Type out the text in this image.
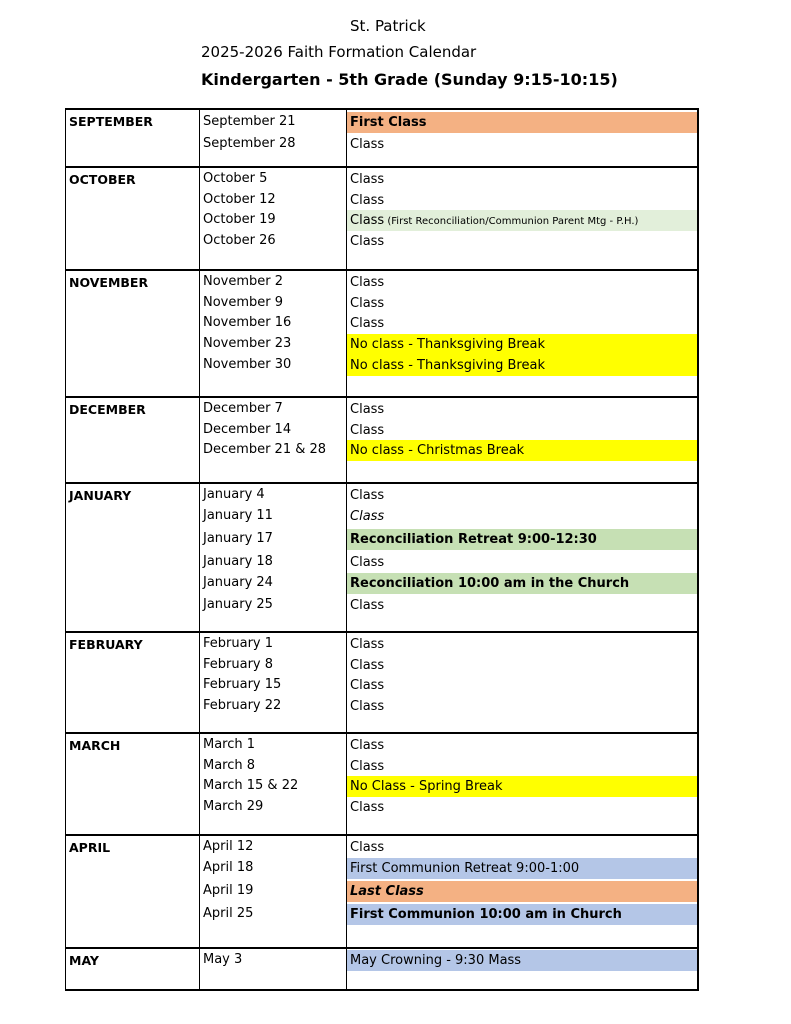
St. Patrick
2025-2026 Faith Formation Calendar
Kindergarten - 5th Grade (Sunday 9:15-10:15)
SEPTEMBER	September 21	First Class
September 28	Class
OCTOBER	October 5	Class
October 12	Class
October 19	Class (First Reconciliation/Communion Parent Mtg - P.H.)
October 26	Class
NOVEMBER	November 2	Class
November 9	Class
November 16	Class
November 23	No class - Thanksgiving Break
November 30	No class - Thanksgiving Break
DECEMBER	December 7	Class
December 14	Class
December 21 & 28 No class - Christmas Break
JANUARY	January 4	Class
January 11	Class
January 17	Reconciliation Retreat 9:00-12:30
January 18	Class
January 24	Reconciliation 10:00 am in the Church
January 25	Class
FEBRUARY	February 1	Class
February 8	Class
February 15	Class
February 22	Class
MARCH	March 1	Class
March 8	Class
March 15 & 22	No Class - Spring Break
March 29	Class
APRIL	April 12	Class
April 18	First Communion Retreat 9:00-1:00
April 19	Last Class
April 25	First Communion 10:00 am in Church
MAY	May 3	May Crowning - 9:30 Mass
